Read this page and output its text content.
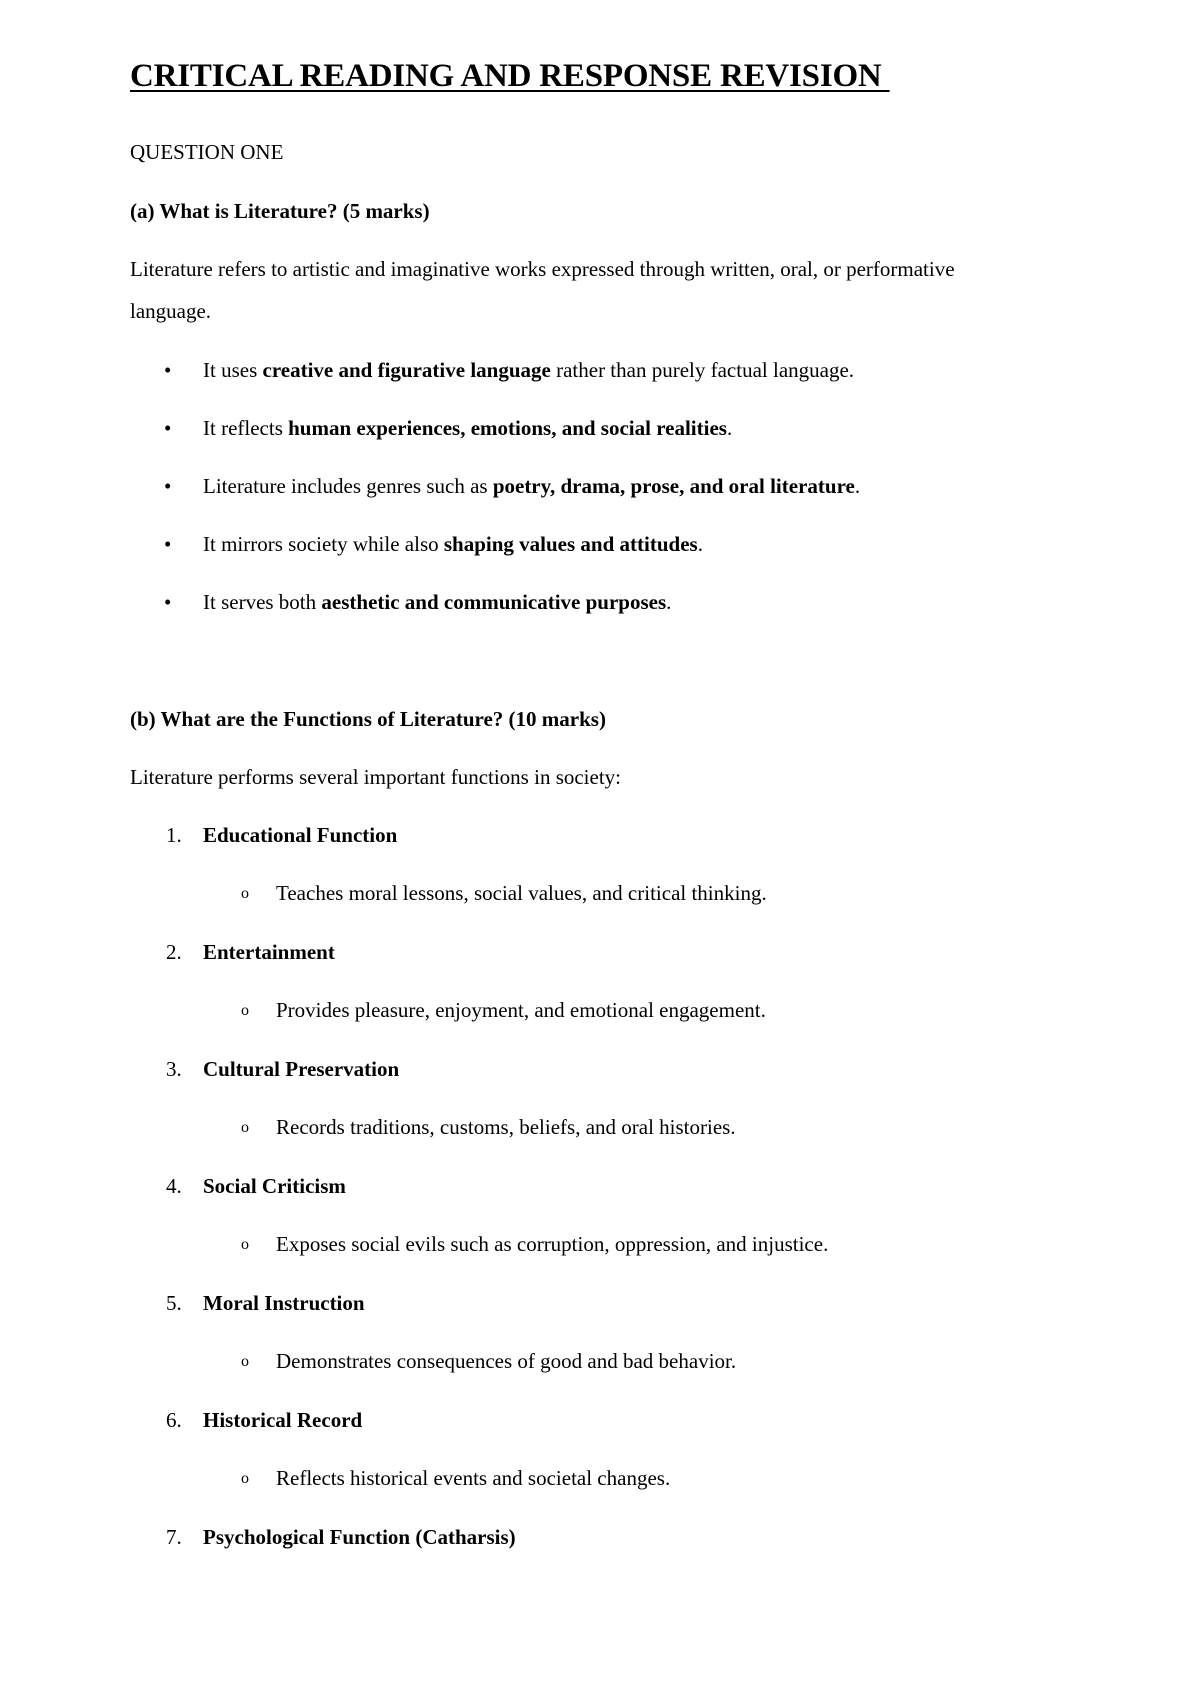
CRITICAL READING AND RESPONSE REVISION
QUESTION ONE
(a) What is Literature? (5 marks)
Literature refers to artistic and imaginative works expressed through written, oral, or performative
language.
• It uses creative and figurative language rather than purely factual language.
• It reflects human experiences, emotions, and social realities.
• Literature includes genres such as poetry, drama, prose, and oral literature.
• It mirrors society while also shaping values and attitudes.
• It serves both aesthetic and communicative purposes.
(b) What are the Functions of Literature? (10 marks)
Literature performs several important functions in society:
1. Educational Function
o Teaches moral lessons, social values, and critical thinking.
2. Entertainment
o Provides pleasure, enjoyment, and emotional engagement.
3. Cultural Preservation
o Records traditions, customs, beliefs, and oral histories.
4. Social Criticism
o Exposes social evils such as corruption, oppression, and injustice.
5. Moral Instruction
o Demonstrates consequences of good and bad behavior.
6. Historical Record
o Reflects historical events and societal changes.
7. Psychological Function (Catharsis)
